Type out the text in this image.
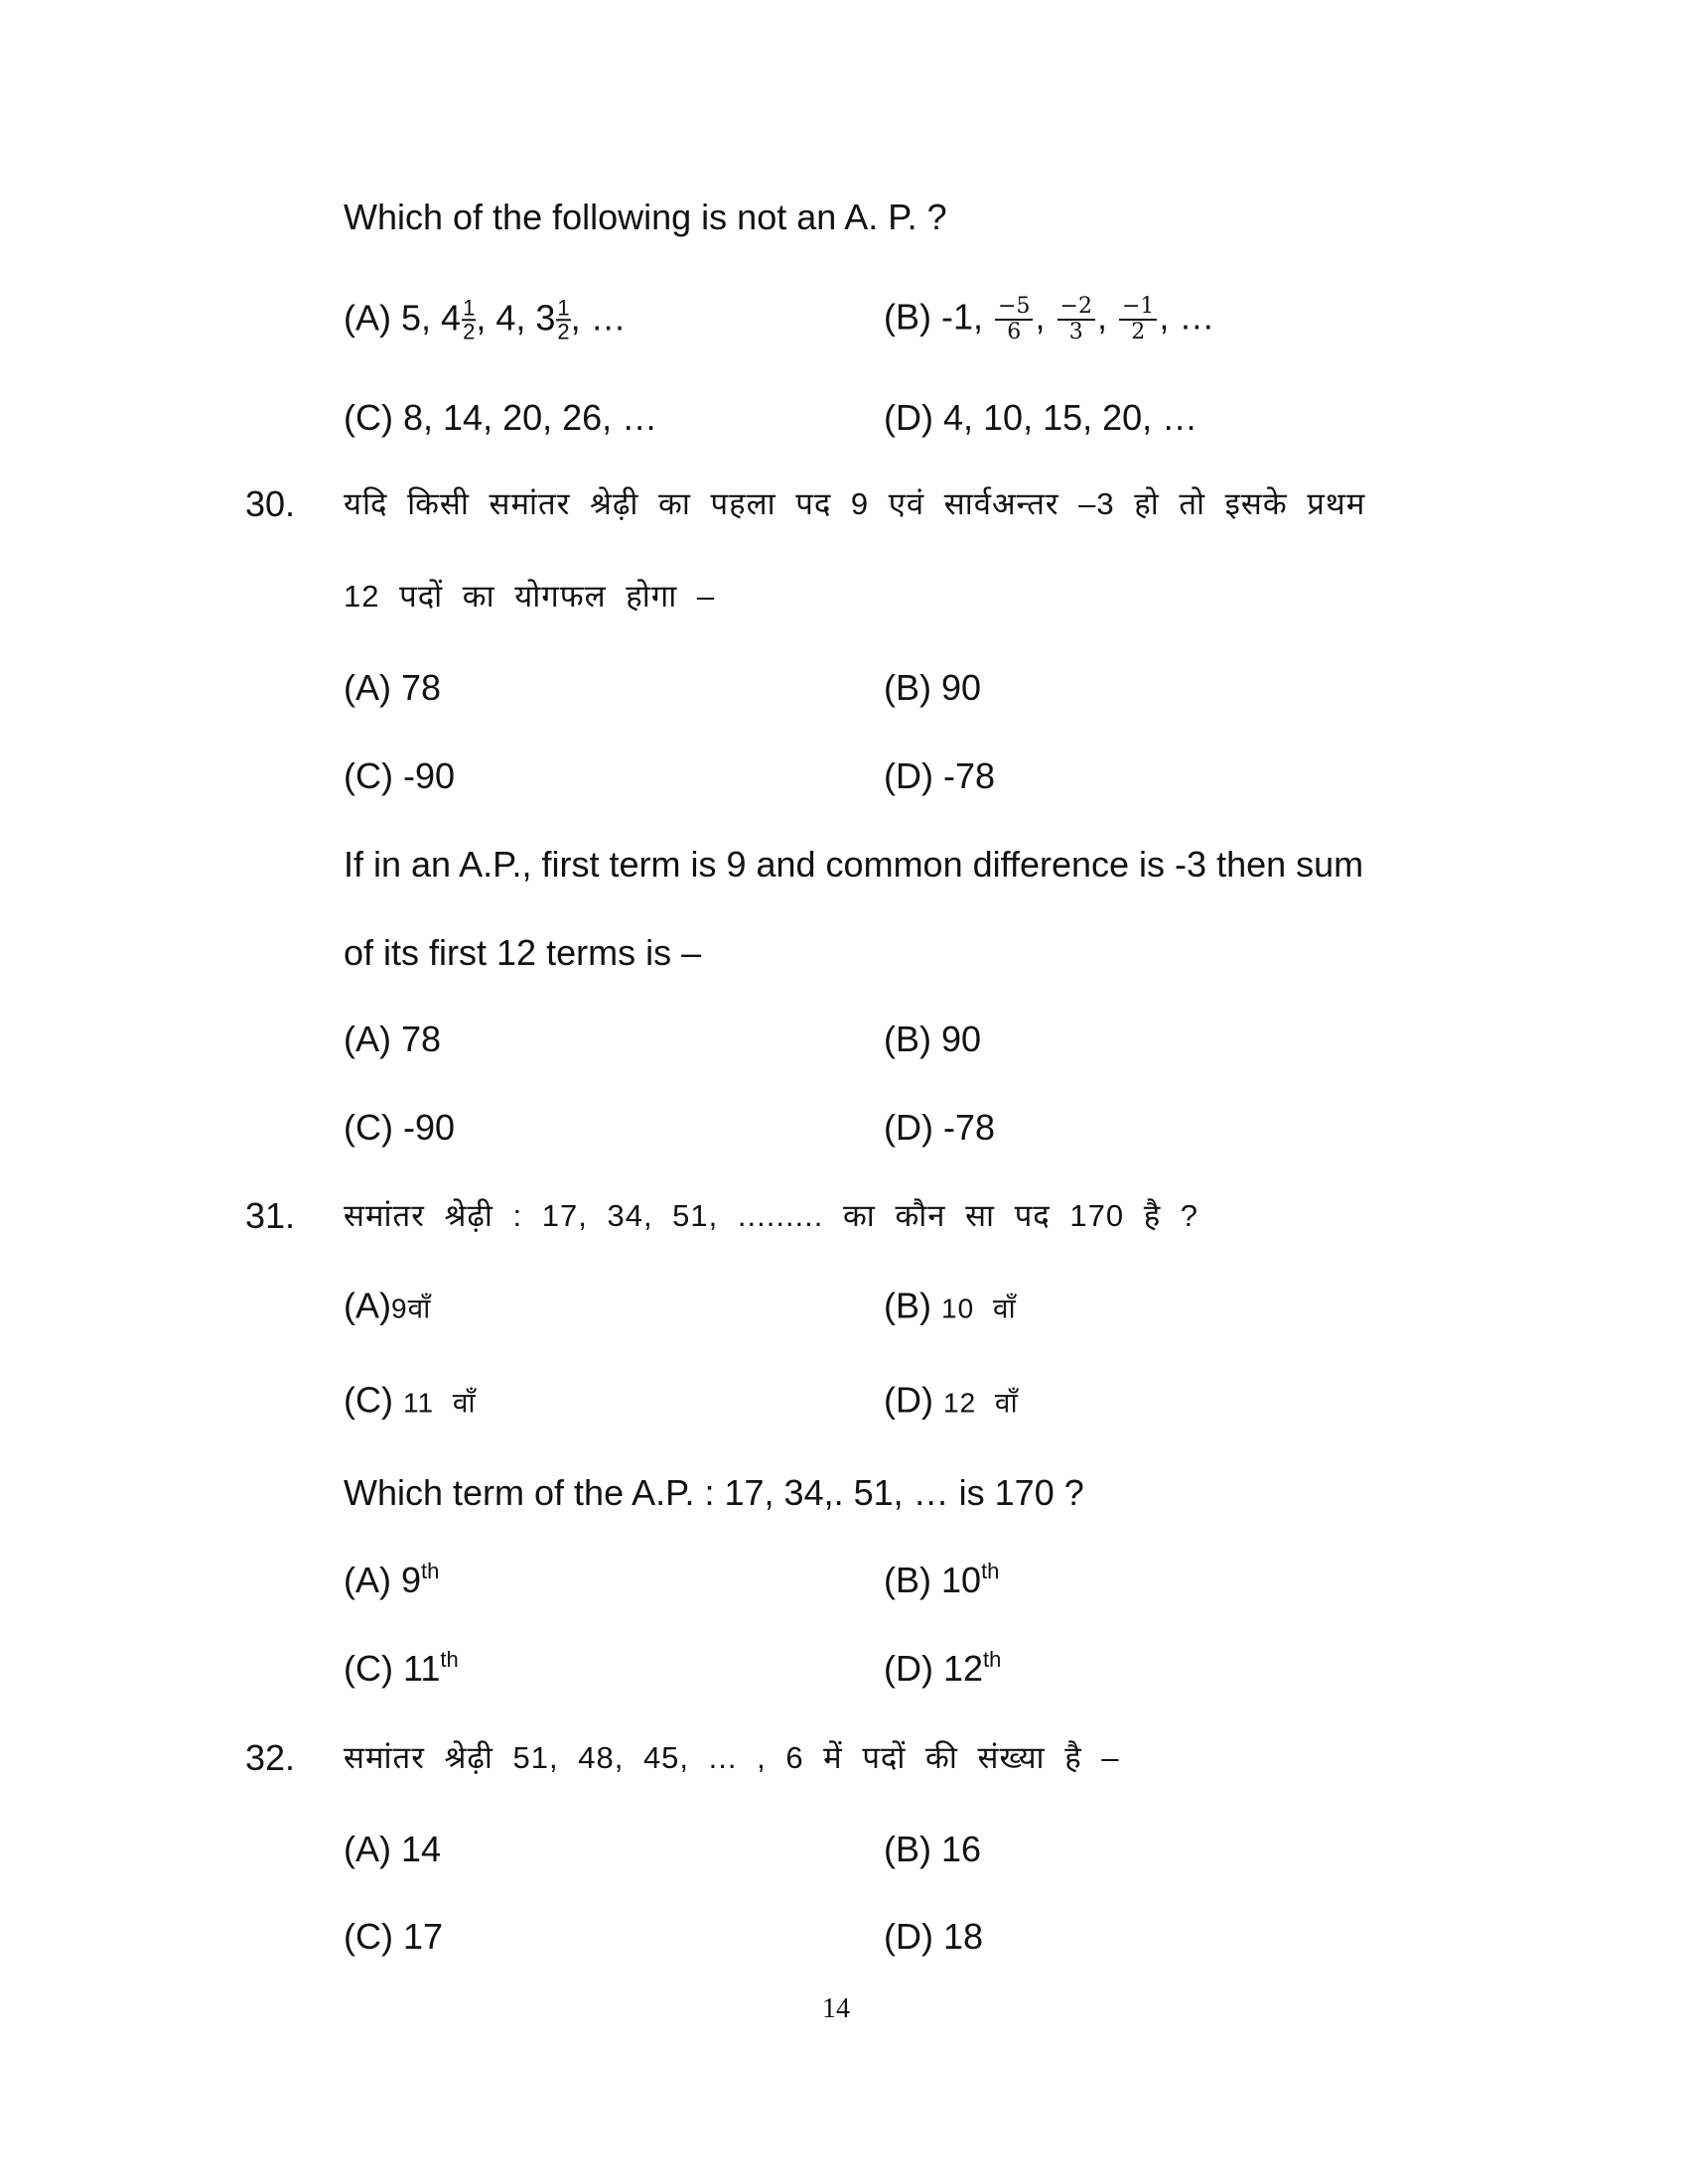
Which of the following is not an A. P. ?
(A) 5, $4 \frac{1}{2}$ , 4, $3 \frac{1}{2}$ , …	(B) -1, $\frac{-5}{6}$ , $\frac{-2}{3}$ , $\frac{-1}{2}$ , …
(C) 8, 14, 20, 26, …	(D) 4, 10, 15, 20, …
30. यदि किसी समांतर श्रेढ़ी का पहला पद 9 एवं सार्वअन्तर –3 हो तो इसके प्रथम
12 पदों का योगफल होगा –
(A) 78	(B) 90
(C) -90	(D) -78
If in an A.P., first term is 9 and common difference is -3 then sum
of its first 12 terms is –
(A) 78	(B) 90
(C) -90	(D) -78
31. समांतर श्रेढ़ी : 17, 34, 51, ......... का कौन सा पद 170 है ?
(A)9वाँ	(B) 10 वाँ
(C) 11 वाँ	(D) 12 वाँ
Which term of the A.P. : 17, 34,. 51, … is 170 ?
(A) 9th	(B) 10th
(C) 11th	(D) 12th
32. समांतर श्रेढ़ी 51, 48, 45, ... , 6 में पदों की संख्या है –
(A) 14	(B) 16
(C) 17	(D) 18
14
